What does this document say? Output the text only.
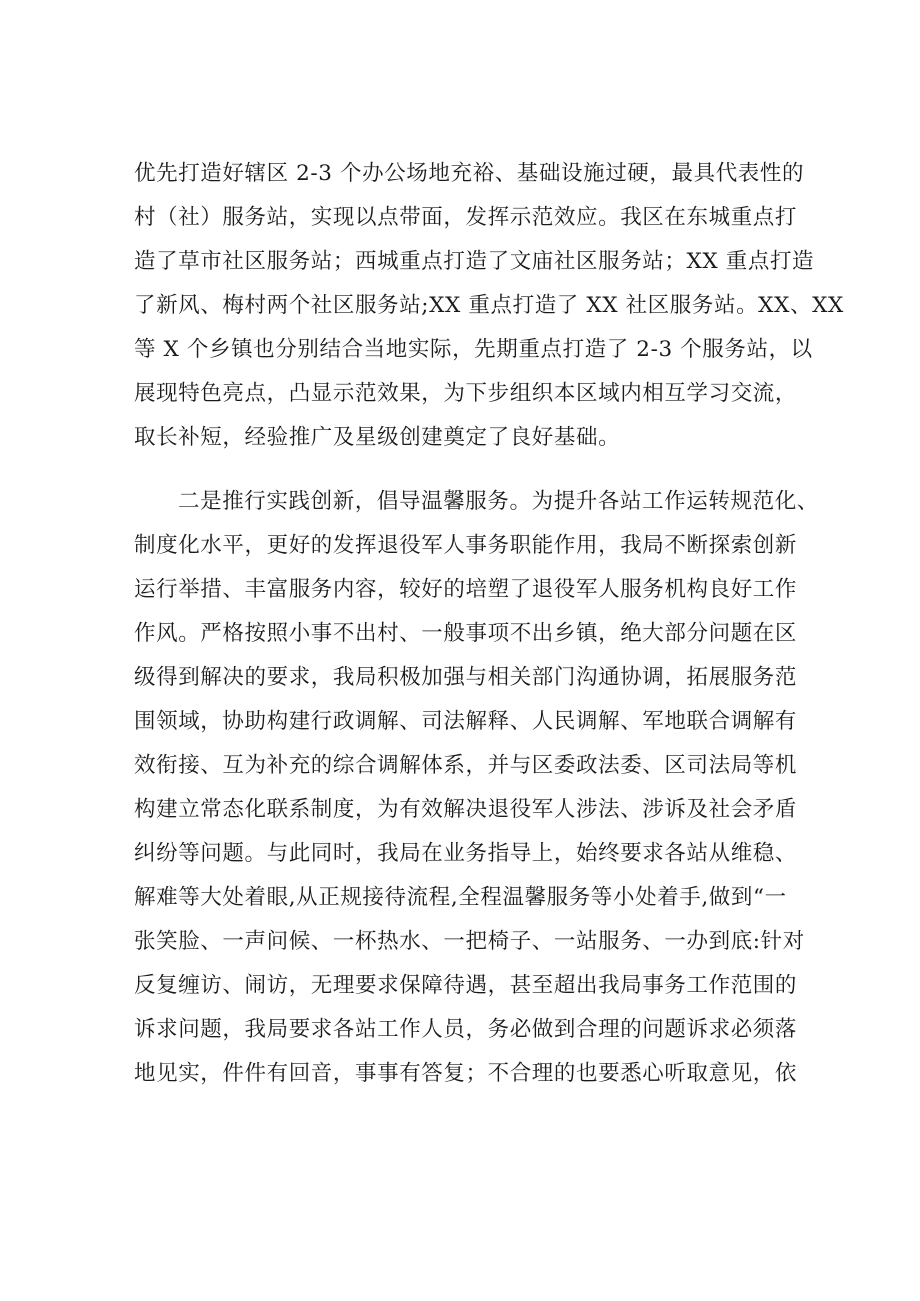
优先打造好辖区 2-3 个办公场地充裕、基础设施过硬，最具代表性的
村（社）服务站，实现以点带面，发挥示范效应。我区在东城重点打
造了草市社区服务站；西城重点打造了文庙社区服务站；XX 重点打造
了新风、梅村两个社区服务站;XX 重点打造了 XX 社区服务站。XX、XX
等 X 个乡镇也分别结合当地实际，先期重点打造了 2-3 个服务站，以
展现特色亮点，凸显示范效果，为下步组织本区域内相互学习交流，
取长补短，经验推广及星级创建奠定了良好基础。
二是推行实践创新，倡导温馨服务。为提升各站工作运转规范化、
制度化水平，更好的发挥退役军人事务职能作用，我局不断探索创新
运行举措、丰富服务内容，较好的培塑了退役军人服务机构良好工作
作风。严格按照小事不出村、一般事项不出乡镇，绝大部分问题在区
级得到解决的要求，我局积极加强与相关部门沟通协调，拓展服务范
围领域，协助构建行政调解、司法解释、人民调解、军地联合调解有
效衔接、互为补充的综合调解体系，并与区委政法委、区司法局等机
构建立常态化联系制度，为有效解决退役军人涉法、涉诉及社会矛盾
纠纷等问题。与此同时，我局在业务指导上，始终要求各站从维稳、
解难等大处着眼,从正规接待流程,全程温馨服务等小处着手,做到“一
张笑脸、一声问候、一杯热水、一把椅子、一站服务、一办到底:针对
反复缠访、闹访，无理要求保障待遇，甚至超出我局事务工作范围的
诉求问题，我局要求各站工作人员，务必做到合理的问题诉求必须落
地见实，件件有回音，事事有答复；不合理的也要悉心听取意见，依
